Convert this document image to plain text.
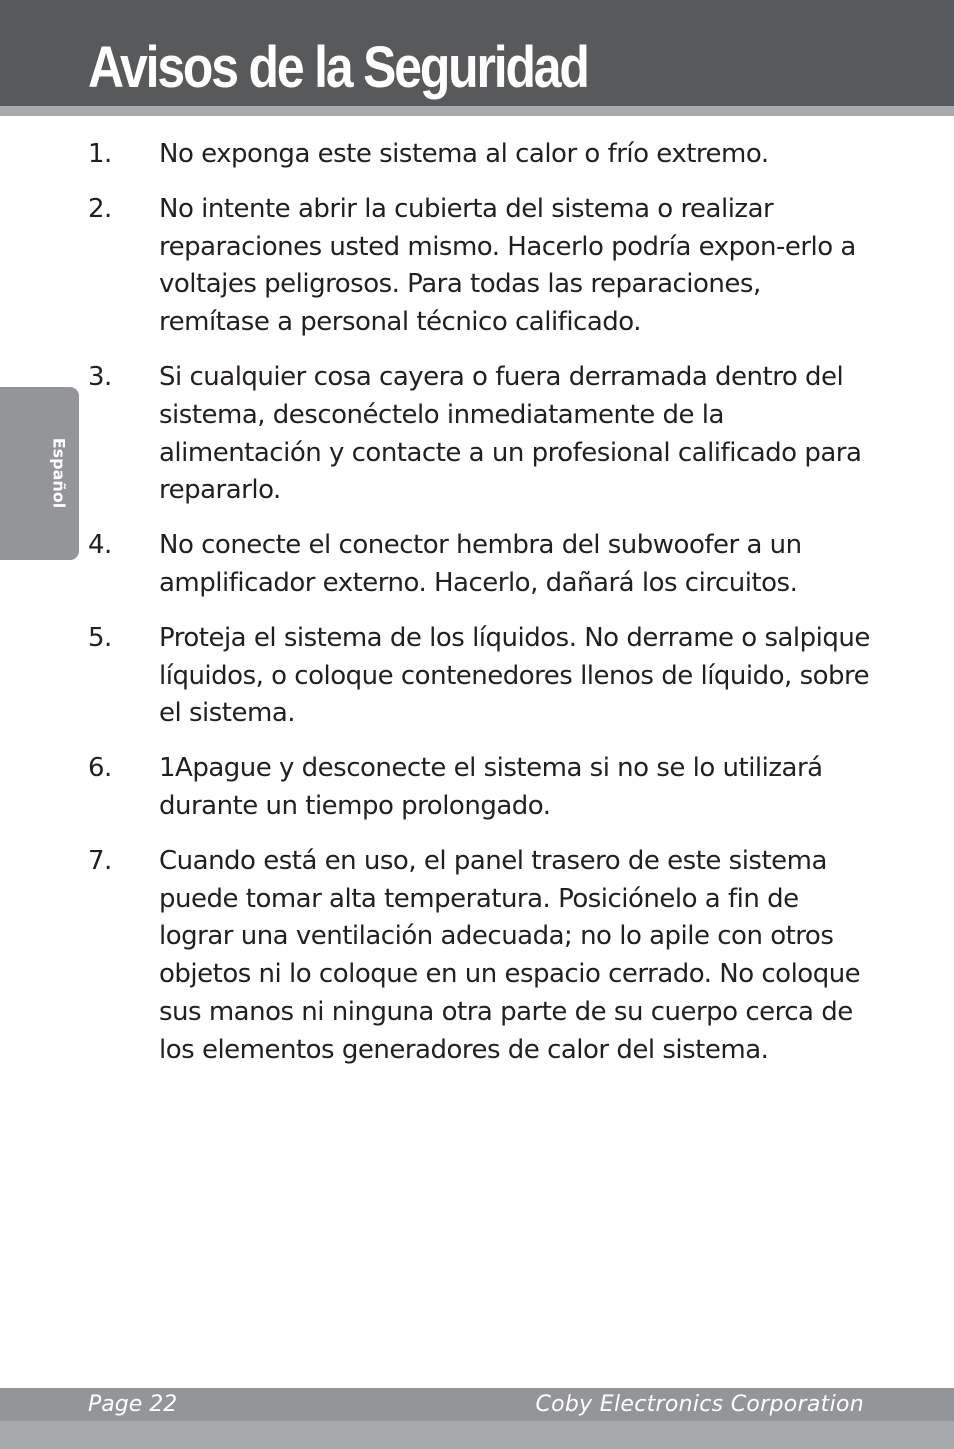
Avisos de la Seguridad
Español
1. No exponga este sistema al calor o frío extremo.
2. No intente abrir la cubierta del sistema o realizar reparaciones usted mismo. Hacerlo podría expon-erlo a voltajes peligrosos. Para todas las reparaciones, remítase a personal técnico calificado.
3. Si cualquier cosa cayera o fuera derramada dentro del sistema, desconéctelo inmediatamente de la alimentación y contacte a un profesional calificado para repararlo.
4. No conecte el conector hembra del subwoofer a un amplificador externo. Hacerlo, dañará los circuitos.
5. Proteja el sistema de los líquidos. No derrame o salpique líquidos, o coloque contenedores llenos de líquido, sobre el sistema.
6. 1Apague y desconecte el sistema si no se lo utilizará durante un tiempo prolongado.
7. Cuando está en uso, el panel trasero de este sistema puede tomar alta temperatura. Posiciónelo a fin de lograr una ventilación adecuada; no lo apile con otros objetos ni lo coloque en un espacio cerrado. No coloque sus manos ni ninguna otra parte de su cuerpo cerca de los elementos generadores de calor del sistema.
Page 22	Coby Electronics Corporation
